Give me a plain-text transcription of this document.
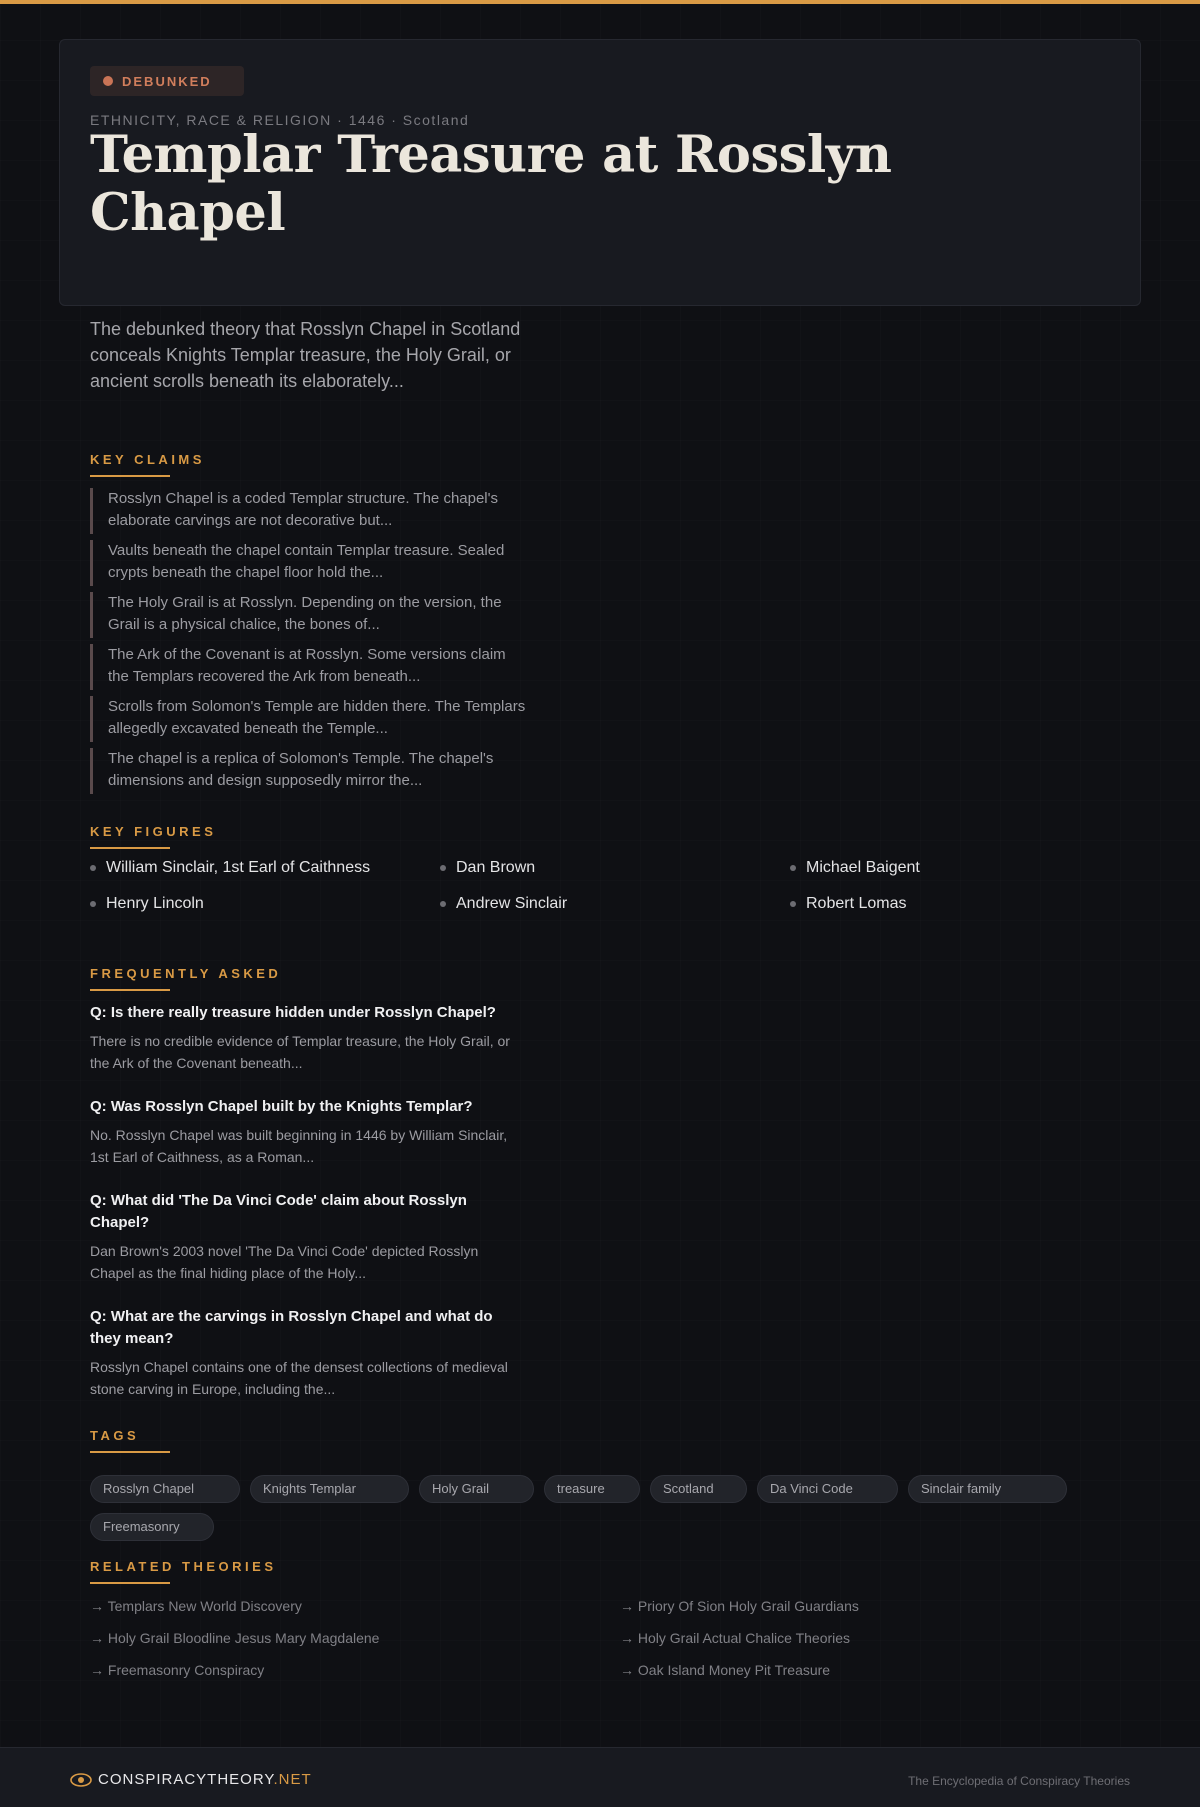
DEBUNKED
ETHNICITY, RACE & RELIGION · 1446 · Scotland
Templar Treasure at Rosslyn Chapel

The debunked theory that Rosslyn Chapel in Scotland conceals Knights Templar treasure, the Holy Grail, or ancient scrolls beneath its elaborately...

KEY CLAIMS
Rosslyn Chapel is a coded Templar structure. The chapel's elaborate carvings are not decorative but...
Vaults beneath the chapel contain Templar treasure. Sealed crypts beneath the chapel floor hold the...
The Holy Grail is at Rosslyn. Depending on the version, the Grail is a physical chalice, the bones of...
The Ark of the Covenant is at Rosslyn. Some versions claim the Templars recovered the Ark from beneath...
Scrolls from Solomon's Temple are hidden there. The Templars allegedly excavated beneath the Temple...
The chapel is a replica of Solomon's Temple. The chapel's dimensions and design supposedly mirror the...
KEY FIGURES
William Sinclair, 1st Earl of Caithness	Dan Brown	Michael Baigent
Henry Lincoln	Andrew Sinclair	Robert Lomas
FREQUENTLY ASKED
Q: Is there really treasure hidden under Rosslyn Chapel?
There is no credible evidence of Templar treasure, the Holy Grail, or the Ark of the Covenant beneath...
Q: Was Rosslyn Chapel built by the Knights Templar?
No. Rosslyn Chapel was built beginning in 1446 by William Sinclair, 1st Earl of Caithness, as a Roman...
Q: What did 'The Da Vinci Code' claim about Rosslyn Chapel?
Dan Brown's 2003 novel 'The Da Vinci Code' depicted Rosslyn Chapel as the final hiding place of the Holy...
Q: What are the carvings in Rosslyn Chapel and what do they mean?
Rosslyn Chapel contains one of the densest collections of medieval stone carving in Europe, including the...
TAGS
Rosslyn Chapel	Knights Templar	Holy Grail	treasure	Scotland	Da Vinci Code	Sinclair family
Freemasonry
RELATED THEORIES
→ Templars New World Discovery	→ Priory Of Sion Holy Grail Guardians
→ Holy Grail Bloodline Jesus Mary Magdalene	→ Holy Grail Actual Chalice Theories
→ Freemasonry Conspiracy	→ Oak Island Money Pit Treasure
CONSPIRACYTHEORY.NET	The Encyclopedia of Conspiracy Theories
